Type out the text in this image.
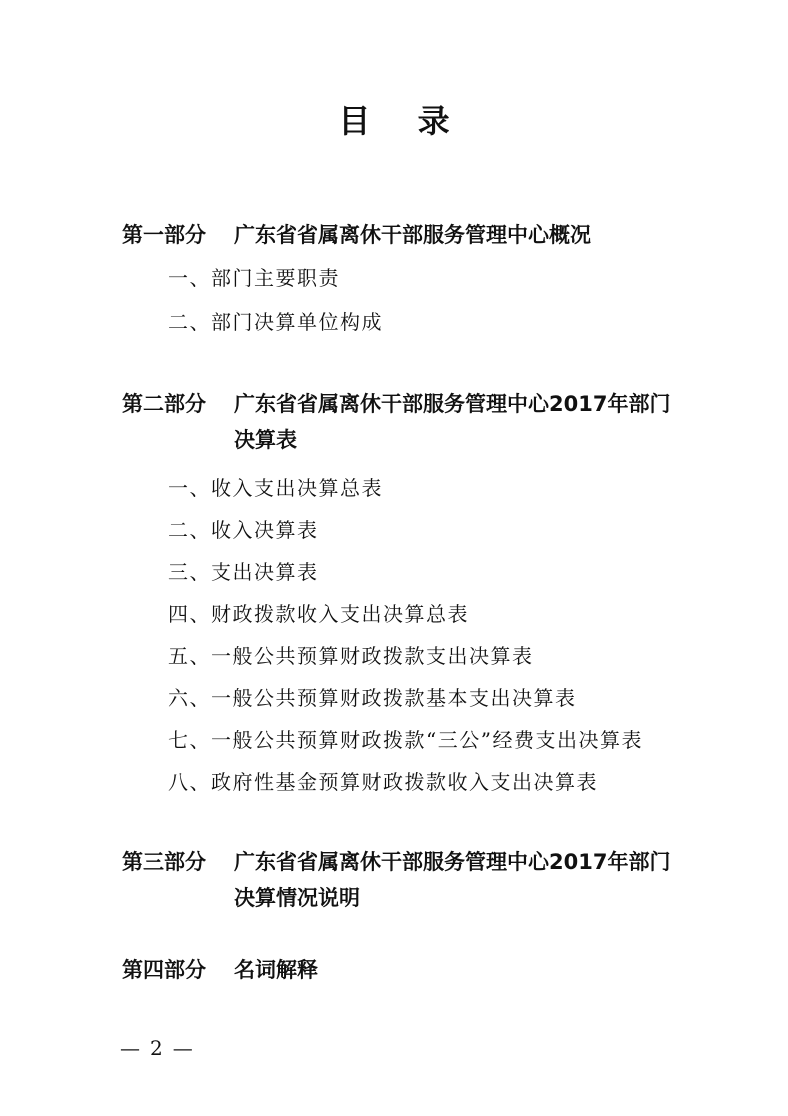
目 录
第一部分	广东省省属离休干部服务管理中心概况
一、部门主要职责
二、部门决算单位构成
第二部分	广东省省属离休干部服务管理中心2017年部门决算表
一、收入支出决算总表
二、收入决算表
三、支出决算表
四、财政拨款收入支出决算总表
五、一般公共预算财政拨款支出决算表
六、一般公共预算财政拨款基本支出决算表
七、一般公共预算财政拨款“三公”经费支出决算表
八、政府性基金预算财政拨款收入支出决算表
第三部分	广东省省属离休干部服务管理中心2017年部门决算情况说明
第四部分	名词解释
— 2 —
